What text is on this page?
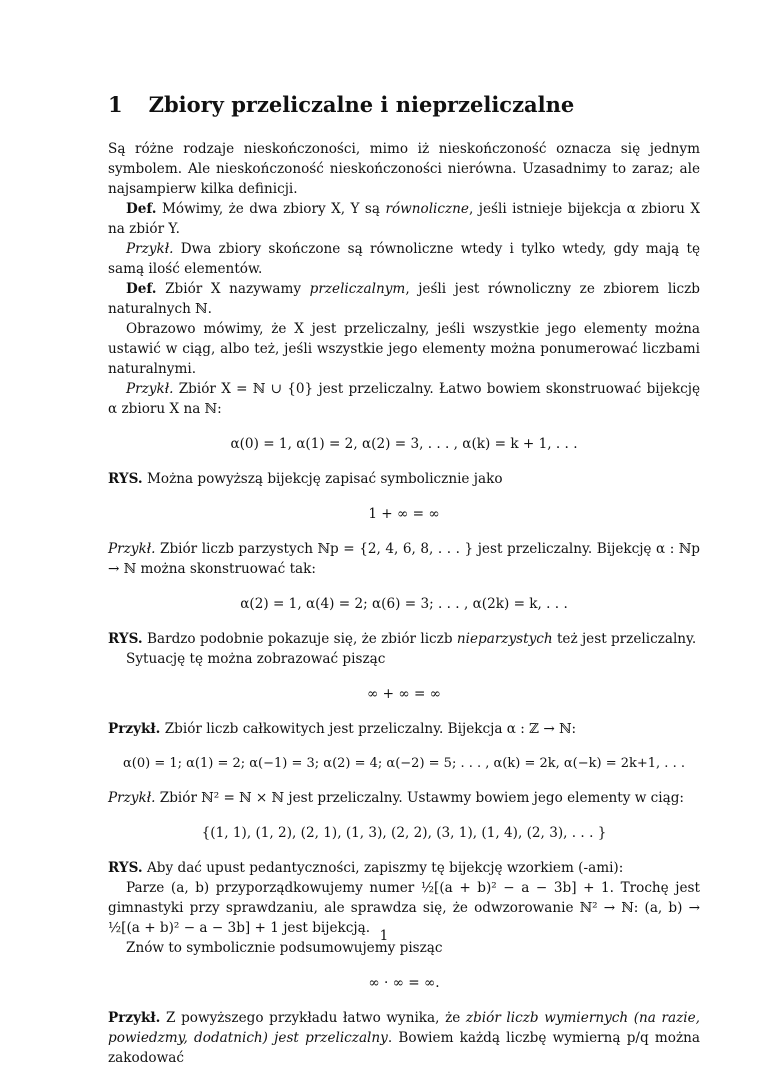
1 Zbiory przeliczalne i nieprzeliczalne

Są różne rodzaje nieskończoności, mimo iż nieskończoność oznacza się jednym symbolem. Ale nieskończoność nieskończoności nierówna. Uzasadnimy to zaraz; ale najsampierw kilka definicji.

Def. Mówimy, że dwa zbiory X, Y są równoliczne, jeśli istnieje bijekcja α zbioru X na zbiór Y.

Przykł. Dwa zbiory skończone są równoliczne wtedy i tylko wtedy, gdy mają tę samą ilość elementów.

Def. Zbiór X nazywamy przeliczalnym, jeśli jest równoliczny ze zbiorem liczb naturalnych ℕ.

Obrazowo mówimy, że X jest przeliczalny, jeśli wszystkie jego elementy można ustawić w ciąg, albo też, jeśli wszystkie jego elementy można ponumerować liczbami naturalnymi.

Przykł. Zbiór X = ℕ ∪ {0} jest przeliczalny. Łatwo bowiem skonstruować bijekcję α zbioru X na ℕ:

α(0) = 1, α(1) = 2, α(2) = 3, . . . , α(k) = k + 1, . . .

RYS. Można powyższą bijekcję zapisać symbolicznie jako

1 + ∞ = ∞

Przykł. Zbiór liczb parzystych ℕp = {2, 4, 6, 8, . . . } jest przeliczalny. Bijekcję α : ℕp → ℕ można skonstruować tak:

α(2) = 1, α(4) = 2; α(6) = 3; . . . , α(2k) = k, . . .

RYS. Bardzo podobnie pokazuje się, że zbiór liczb nieparzystych też jest przeliczalny.

Sytuację tę można zobrazować pisząc

∞ + ∞ = ∞

Przykł. Zbiór liczb całkowitych jest przeliczalny. Bijekcja α : ℤ → ℕ:

α(0) = 1; α(1) = 2; α(−1) = 3; α(2) = 4; α(−2) = 5; . . . , α(k) = 2k, α(−k) = 2k+1, . . .

Przykł. Zbiór ℕ² = ℕ × ℕ jest przeliczalny. Ustawmy bowiem jego elementy w ciąg:

{(1, 1), (1, 2), (2, 1), (1, 3), (2, 2), (3, 1), (1, 4), (2, 3), . . . }

RYS. Aby dać upust pedantyczności, zapiszmy tę bijekcję wzorkiem (-ami):

Parze (a, b) przyporządkowujemy numer ½[(a + b)² − a − 3b] + 1. Trochę jest gimnastyki przy sprawdzaniu, ale sprawdza się, że odwzorowanie ℕ² → ℕ: (a, b) → ½[(a + b)² − a − 3b] + 1 jest bijekcją.

Znów to symbolicznie podsumowujemy pisząc

∞ · ∞ = ∞.

Przykł. Z powyższego przykładu łatwo wynika, że zbiór liczb wymiernych (na razie, powiedzmy, dodatnich) jest przeliczalny. Bowiem każdą liczbę wymierną p/q można zakodować

1
